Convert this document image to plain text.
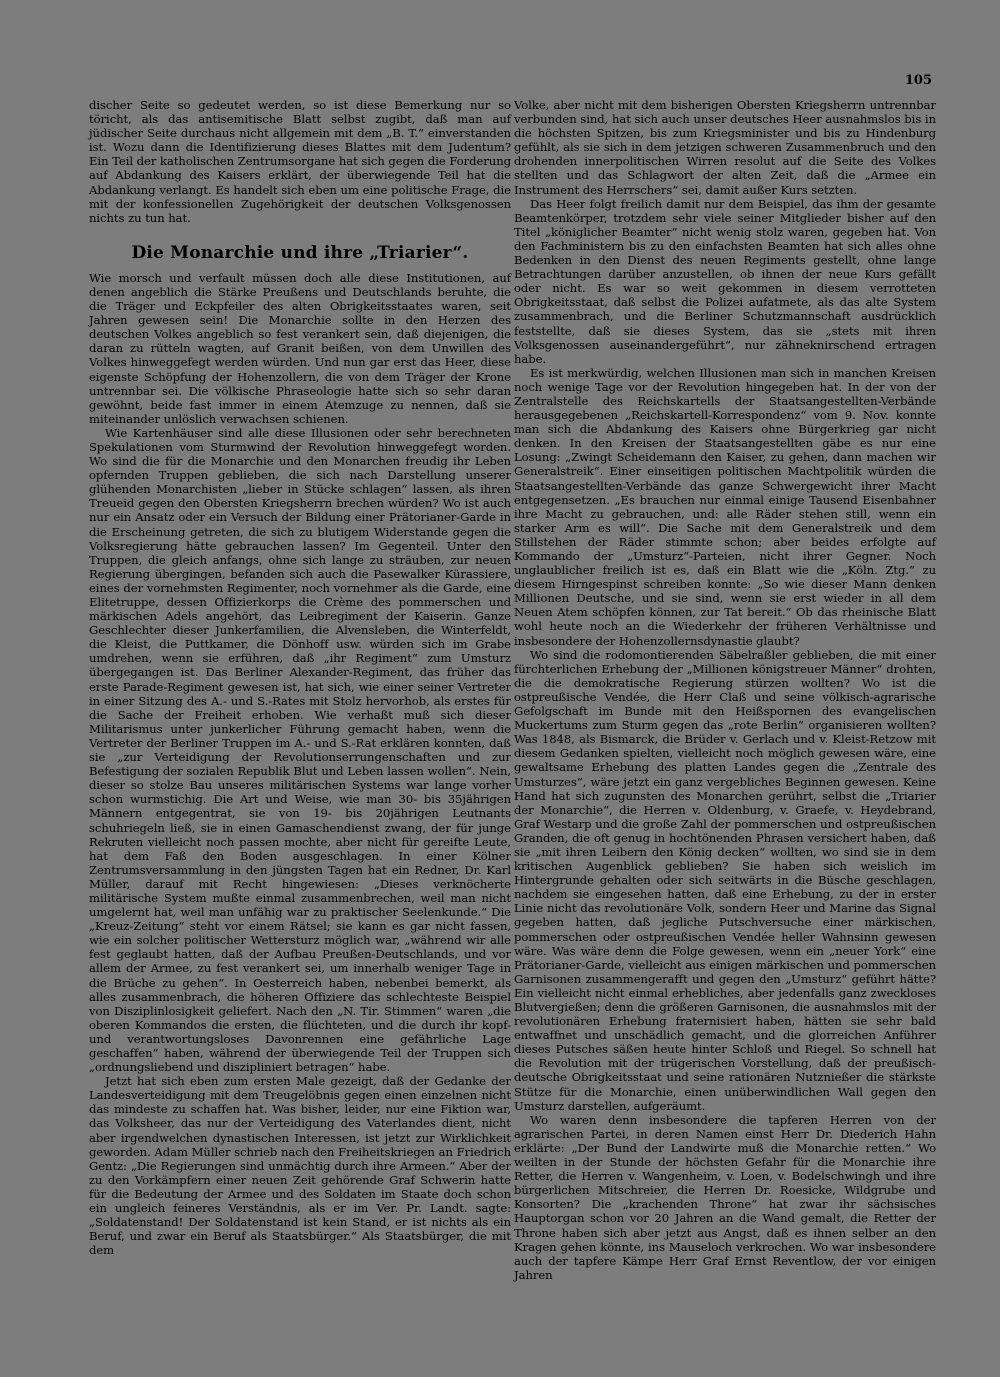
105

discher Seite so gedeutet werden, so ist diese Bemerkung nur so töricht, als das antisemitische Blatt selbst zugibt, daß man auf jüdischer Seite durchaus nicht allgemein mit dem „B. T.“ einverstanden ist. Wozu dann die Identifizierung dieses Blattes mit dem Judentum? Ein Teil der katholischen Zentrumsorgane hat sich gegen die Forderung auf Abdankung des Kaisers erklärt, der überwiegende Teil hat die Abdankung verlangt. Es handelt sich eben um eine politische Frage, die mit der konfessionellen Zugehörigkeit der deutschen Volksgenossen nichts zu tun hat.

Die Monarchie und ihre „Triarier“.

Wie morsch und verfault müssen doch alle diese Institutionen, auf denen angeblich die Stärke Preußens und Deutschlands beruhte, die die Träger und Eckpfeiler des alten Obrigkeitsstaates waren, seit Jahren gewesen sein! Die Monarchie sollte in den Herzen des deutschen Volkes angeblich so fest verankert sein, daß diejenigen, die daran zu rütteln wagten, auf Granit beißen, von dem Unwillen des Volkes hinweggefegt werden würden. Und nun gar erst das Heer, diese eigenste Schöpfung der Hohenzollern, die von dem Träger der Krone untrennbar sei. Die völkische Phraseologie hatte sich so sehr daran gewöhnt, beide fast immer in einem Atemzuge zu nennen, daß sie miteinander unlöslich verwachsen schienen.

Wie Kartenhäuser sind alle diese Illusionen oder sehr berechneten Spekulationen vom Sturmwind der Revolution hinweggefegt worden. Wo sind die für die Monarchie und den Monarchen freudig ihr Leben opfernden Truppen geblieben, die sich nach Darstellung unserer glühenden Monarchisten „lieber in Stücke schlagen“ lassen, als ihren Treueid gegen den Obersten Kriegsherrn brechen würden? Wo ist auch nur ein Ansatz oder ein Versuch der Bildung einer Prätorianer-Garde in die Erscheinung getreten, die sich zu blutigem Widerstande gegen die Volksregierung hätte gebrauchen lassen? Im Gegenteil. Unter den Truppen, die gleich anfangs, ohne sich lange zu sträuben, zur neuen Regierung übergingen, befanden sich auch die Pasewalker Kürassiere, eines der vornehmsten Regimenter, noch vornehmer als die Garde, eine Elitetruppe, dessen Offizierkorps die Crème des pommerschen und märkischen Adels angehört, das Leibregiment der Kaiserin. Ganze Geschlechter dieser Junkerfamilien, die Alvensleben, die Winterfeldt, die Kleist, die Puttkamer, die Dönhoff usw. würden sich im Grabe umdrehen, wenn sie erführen, daß „ihr Regiment“ zum Umsturz übergegangen ist. Das Berliner Alexander-Regiment, das früher das erste Parade-Regiment gewesen ist, hat sich, wie einer seiner Vertreter in einer Sitzung des A.- und S.-Rates mit Stolz hervorhob, als erstes für die Sache der Freiheit erhoben. Wie verhaßt muß sich dieser Militarismus unter junkerlicher Führung gemacht haben, wenn die Vertreter der Berliner Truppen im A.- und S.-Rat erklären konnten, daß sie „zur Verteidigung der Revolutionserrungenschaften und zur Befestigung der sozialen Republik Blut und Leben lassen wollen“. Nein, dieser so stolze Bau unseres militärischen Systems war lange vorher schon wurmstichig. Die Art und Weise, wie man 30- bis 35jährigen Männern entgegentrat, sie von 19- bis 20jährigen Leutnants schuhriegeln ließ, sie in einen Gamaschendienst zwang, der für junge Rekruten vielleicht noch passen mochte, aber nicht für gereifte Leute, hat dem Faß den Boden ausgeschlagen. In einer Kölner Zentrumsversammlung in den jüngsten Tagen hat ein Redner, Dr. Karl Müller, darauf mit Recht hingewiesen: „Dieses verknöcherte militärische System mußte einmal zusammenbrechen, weil man nicht umgelernt hat, weil man unfähig war zu praktischer Seelenkunde.“ Die „Kreuz-Zeitung“ steht vor einem Rätsel; sie kann es gar nicht fassen, wie ein solcher politischer Wettersturz möglich war, „während wir alle fest geglaubt hatten, daß der Aufbau Preußen-Deutschlands, und vor allem der Armee, zu fest verankert sei, um innerhalb weniger Tage in die Brüche zu gehen“. In Oesterreich haben, nebenbei bemerkt, als alles zusammenbrach, die höheren Offiziere das schlechteste Beispiel von Disziplinlosigkeit geliefert. Nach den „N. Tir. Stimmen“ waren „die oberen Kommandos die ersten, die flüchteten, und die durch ihr kopf- und verantwortungsloses Davonrennen eine gefährliche Lage geschaffen“ haben, während der überwiegende Teil der Truppen sich „ordnungsliebend und diszipliniert betragen“ habe.

Jetzt hat sich eben zum ersten Male gezeigt, daß der Gedanke der Landesverteidigung mit dem Treugelöbnis gegen einen einzelnen nicht das mindeste zu schaffen hat. Was bisher, leider, nur eine Fiktion war, das Volksheer, das nur der Verteidigung des Vaterlandes dient, nicht aber irgendwelchen dynastischen Interessen, ist jetzt zur Wirklichkeit geworden. Adam Müller schrieb nach den Freiheitskriegen an Friedrich Gentz: „Die Regierungen sind unmächtig durch ihre Armeen.“ Aber der zu den Vorkämpfern einer neuen Zeit gehörende Graf Schwerin hatte für die Bedeutung der Armee und des Soldaten im Staate doch schon ein ungleich feineres Verständnis, als er im Ver. Pr. Landt. sagte: „Soldatenstand! Der Soldatenstand ist kein Stand, er ist nichts als ein Beruf, und zwar ein Beruf als Staatsbürger.“ Als Staatsbürger, die mit dem

Volke, aber nicht mit dem bisherigen Obersten Kriegsherrn untrennbar verbunden sind, hat sich auch unser deutsches Heer ausnahmslos bis in die höchsten Spitzen, bis zum Kriegsminister und bis zu Hindenburg gefühlt, als sie sich in dem jetzigen schweren Zusammenbruch und den drohenden innerpolitischen Wirren resolut auf die Seite des Volkes stellten und das Schlagwort der alten Zeit, daß die „Armee ein Instrument des Herrschers“ sei, damit außer Kurs setzten.

Das Heer folgt freilich damit nur dem Beispiel, das ihm der gesamte Beamtenkörper, trotzdem sehr viele seiner Mitglieder bisher auf den Titel „königlicher Beamter“ nicht wenig stolz waren, gegeben hat. Von den Fachministern bis zu den einfachsten Beamten hat sich alles ohne Bedenken in den Dienst des neuen Regiments gestellt, ohne lange Betrachtungen darüber anzustellen, ob ihnen der neue Kurs gefällt oder nicht. Es war so weit gekommen in diesem verrotteten Obrigkeitsstaat, daß selbst die Polizei aufatmete, als das alte System zusammenbrach, und die Berliner Schutzmannschaft ausdrücklich feststellte, daß sie dieses System, das sie „stets mit ihren Volksgenossen auseinandergeführt“, nur zähneknirschend ertragen habe.

Es ist merkwürdig, welchen Illusionen man sich in manchen Kreisen noch wenige Tage vor der Revolution hingegeben hat. In der von der Zentralstelle des Reichskartells der Staatsangestellten-Verbände herausgegebenen „Reichskartell-Korrespondenz“ vom 9. Nov. konnte man sich die Abdankung des Kaisers ohne Bürgerkrieg gar nicht denken. In den Kreisen der Staatsangestellten gäbe es nur eine Losung: „Zwingt Scheidemann den Kaiser, zu gehen, dann machen wir Generalstreik“. Einer einseitigen politischen Machtpolitik würden die Staatsangestellten-Verbände das ganze Schwergewicht ihrer Macht entgegensetzen. „Es brauchen nur einmal einige Tausend Eisenbahner ihre Macht zu gebrauchen, und: alle Räder stehen still, wenn ein starker Arm es will“. Die Sache mit dem Generalstreik und dem Stillstehen der Räder stimmte schon; aber beides erfolgte auf Kommando der „Umsturz“-Parteien, nicht ihrer Gegner. Noch unglaublicher freilich ist es, daß ein Blatt wie die „Köln. Ztg.“ zu diesem Hirngespinst schreiben konnte: „So wie dieser Mann denken Millionen Deutsche, und sie sind, wenn sie erst wieder in all dem Neuen Atem schöpfen können, zur Tat bereit.“ Ob das rheinische Blatt wohl heute noch an die Wiederkehr der früheren Verhältnisse und insbesondere der Hohenzollernsdynastie glaubt?

Wo sind die rodomontierenden Säbelraßler geblieben, die mit einer fürchterlichen Erhebung der „Millionen königstreuer Männer“ drohten, die die demokratische Regierung stürzen wollten? Wo ist die ostpreußische Vendée, die Herr Claß und seine völkisch-agrarische Gefolgschaft im Bunde mit den Heißspornen des evangelischen Muckertums zum Sturm gegen das „rote Berlin“ organisieren wollten? Was 1848, als Bismarck, die Brüder v. Gerlach und v. Kleist-Retzow mit diesem Gedanken spielten, vielleicht noch möglich gewesen wäre, eine gewaltsame Erhebung des platten Landes gegen die „Zentrale des Umsturzes“, wäre jetzt ein ganz vergebliches Beginnen gewesen. Keine Hand hat sich zugunsten des Monarchen gerührt, selbst die „Triarier der Monarchie“, die Herren v. Oldenburg, v. Graefe, v. Heydebrand, Graf Westarp und die große Zahl der pommerschen und ostpreußischen Granden, die oft genug in hochtönenden Phrasen versichert haben, daß sie „mit ihren Leibern den König decken“ wollten, wo sind sie in dem kritischen Augenblick geblieben? Sie haben sich weislich im Hintergrunde gehalten oder sich seitwärts in die Büsche geschlagen, nachdem sie eingesehen hatten, daß eine Erhebung, zu der in erster Linie nicht das revolutionäre Volk, sondern Heer und Marine das Signal gegeben hatten, daß jegliche Putschversuche einer märkischen, pommerschen oder ostpreußischen Vendée heller Wahnsinn gewesen wäre. Was wäre denn die Folge gewesen, wenn ein „neuer York“ eine Prätorianer-Garde, vielleicht aus einigen märkischen und pommerschen Garnisonen zusammengerafft und gegen den „Umsturz“ geführt hätte? Ein vielleicht nicht einmal erhebliches, aber jedenfalls ganz zweckloses Blutvergießen; denn die größeren Garnisonen, die ausnahmslos mit der revolutionären Erhebung fraternisiert haben, hätten sie sehr bald entwaffnet und unschädlich gemacht, und die glorreichen Anführer dieses Putsches säßen heute hinter Schloß und Riegel. So schnell hat die Revolution mit der trügerischen Vorstellung, daß der preußisch-deutsche Obrigkeitsstaat und seine rationären Nutznießer die stärkste Stütze für die Monarchie, einen unüberwindlichen Wall gegen den Umsturz darstellen, aufgeräumt.

Wo waren denn insbesondere die tapferen Herren von der agrarischen Partei, in deren Namen einst Herr Dr. Diederich Hahn erklärte: „Der Bund der Landwirte muß die Monarchie retten.“ Wo weilten in der Stunde der höchsten Gefahr für die Monarchie ihre Retter, die Herren v. Wangenheim, v. Loen, v. Bodelschwingh und ihre bürgerlichen Mitschreier, die Herren Dr. Roesicke, Wildgrube und Konsorten? Die „krachenden Throne“ hat zwar ihr sächsisches Hauptorgan schon vor 20 Jahren an die Wand gemalt, die Retter der Throne haben sich aber jetzt aus Angst, daß es ihnen selber an den Kragen gehen könnte, ins Mauseloch verkrochen. Wo war insbesondere auch der tapfere Kämpe Herr Graf Ernst Reventlow, der vor einigen Jahren
